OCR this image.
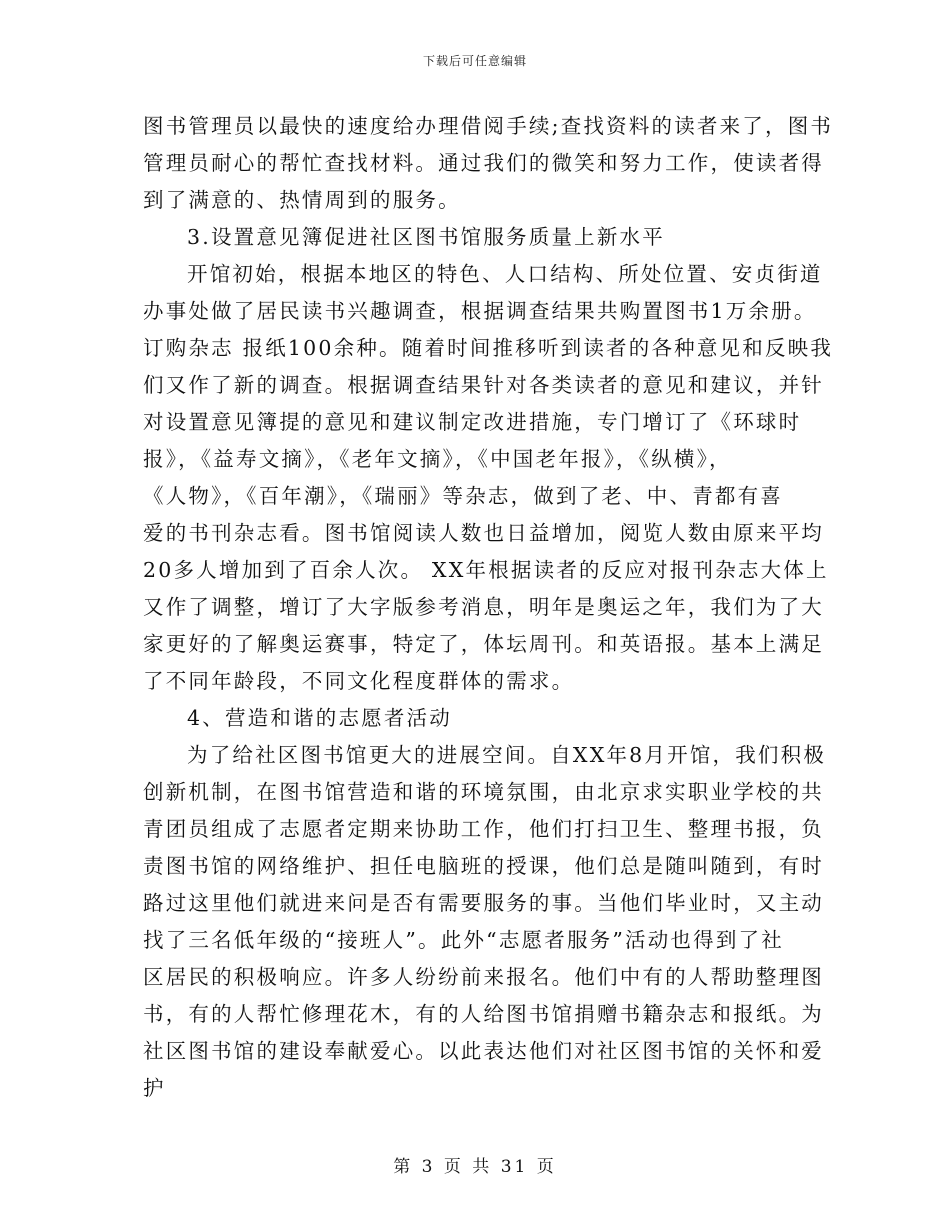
下载后可任意编辑
图书管理员以最快的速度给办理借阅手续;查找资料的读者来了，图书
管理员耐心的帮忙查找材料。通过我们的微笑和努力工作，使读者得
到了满意的、热情周到的服务。
3.设置意见簿促进社区图书馆服务质量上新水平
开馆初始，根据本地区的特色、人口结构、所处位置、安贞街道
办事处做了居民读书兴趣调查，根据调查结果共购置图书1万余册。
订购杂志 报纸100余种。随着时间推移听到读者的各种意见和反映我
们又作了新的调查。根据调查结果针对各类读者的意见和建议，并针
对设置意见簿提的意见和建议制定改进措施，专门增订了《环球时
报》，《益寿文摘》，《老年文摘》，《中国老年报》，《纵横》，
《人物》，《百年潮》，《瑞丽》等杂志，做到了老、中、青都有喜
爱的书刊杂志看。图书馆阅读人数也日益增加，阅览人数由原来平均
20多人增加到了百余人次。 XX年根据读者的反应对报刊杂志大体上
又作了调整，增订了大字版参考消息，明年是奥运之年，我们为了大
家更好的了解奥运赛事，特定了，体坛周刊。和英语报。基本上满足
了不同年龄段，不同文化程度群体的需求。
4、营造和谐的志愿者活动
为了给社区图书馆更大的进展空间。自XX年8月开馆，我们积极
创新机制，在图书馆营造和谐的环境氛围，由北京求实职业学校的共
青团员组成了志愿者定期来协助工作，他们打扫卫生、整理书报，负
责图书馆的网络维护、担任电脑班的授课，他们总是随叫随到，有时
路过这里他们就进来问是否有需要服务的事。当他们毕业时，又主动
找了三名低年级的“接班人”。此外“志愿者服务”活动也得到了社
区居民的积极响应。许多人纷纷前来报名。他们中有的人帮助整理图
书，有的人帮忙修理花木，有的人给图书馆捐赠书籍杂志和报纸。为
社区图书馆的建设奉献爱心。以此表达他们对社区图书馆的关怀和爱
护
第 3 页 共 31 页
